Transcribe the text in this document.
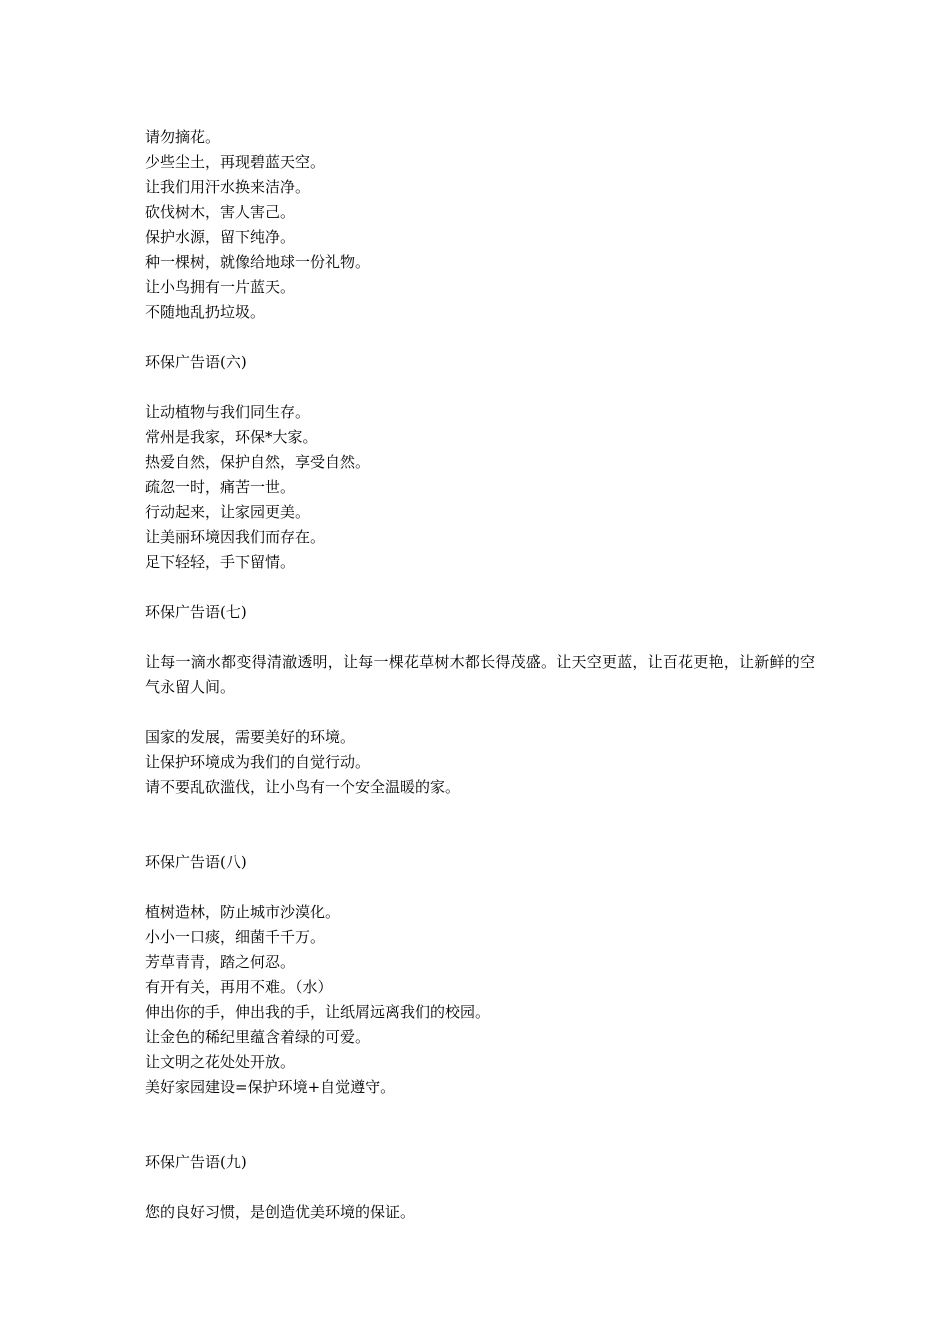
请勿摘花。
少些尘土，再现碧蓝天空。
让我们用汗水换来洁净。
砍伐树木，害人害己。
保护水源，留下纯净。
种一棵树，就像给地球一份礼物。
让小鸟拥有一片蓝天。
不随地乱扔垃圾。
环保广告语(六)
让动植物与我们同生存。
常州是我家，环保*大家。
热爱自然，保护自然，享受自然。
疏忽一时，痛苦一世。
行动起来，让家园更美。
让美丽环境因我们而存在。
足下轻轻，手下留情。
环保广告语(七)
让每一滴水都变得清澈透明，让每一棵花草树木都长得茂盛。让天空更蓝，让百花更艳，让新鲜的空气永留人间。
国家的发展，需要美好的环境。
让保护环境成为我们的自觉行动。
请不要乱砍滥伐，让小鸟有一个安全温暖的家。
环保广告语(八)
植树造林，防止城市沙漠化。
小小一口痰，细菌千千万。
芳草青青，踏之何忍。
有开有关，再用不难。（水）
伸出你的手，伸出我的手，让纸屑远离我们的校园。
让金色的稀纪里蕴含着绿的可爱。
让文明之花处处开放。
美好家园建设=保护环境+自觉遵守。
环保广告语(九)
您的良好习惯，是创造优美环境的保证。
